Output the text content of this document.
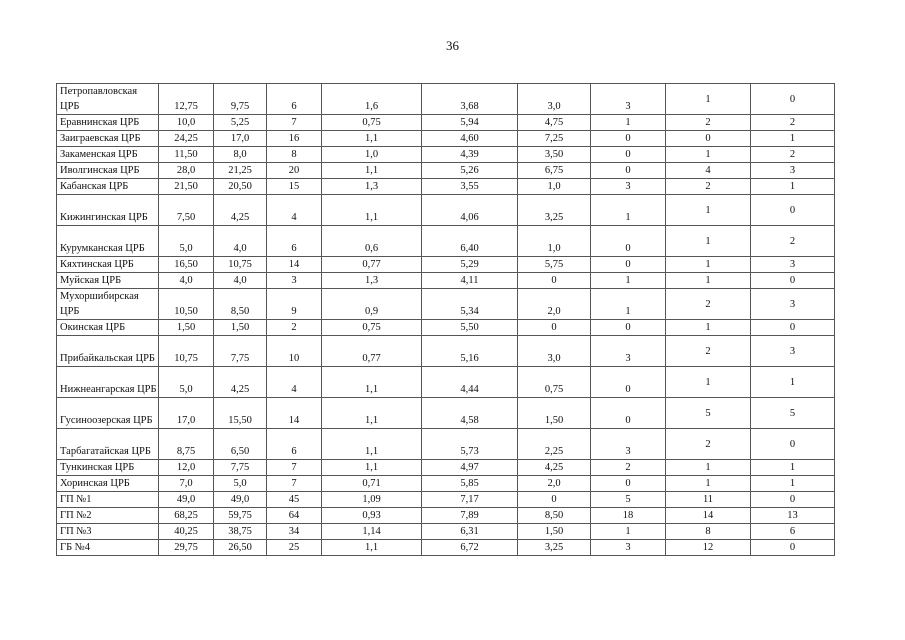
36
Петропавловская ЦРБ	12,75	9,75	6	1,6	3,68	3,0	3	1	0
Еравнинская ЦРБ	10,0	5,25	7	0,75	5,94	4,75	1	2	2
Заиграевская ЦРБ	24,25	17,0	16	1,1	4,60	7,25	0	0	1
Закаменская ЦРБ	11,50	8,0	8	1,0	4,39	3,50	0	1	2
Иволгинская ЦРБ	28,0	21,25	20	1,1	5,26	6,75	0	4	3
Кабанская ЦРБ	21,50	20,50	15	1,3	3,55	1,0	3	2	1
Кижингинская ЦРБ	7,50	4,25	4	1,1	4,06	3,25	1	1	0
Курумканская ЦРБ	5,0	4,0	6	0,6	6,40	1,0	0	1	2
Кяхтинская ЦРБ	16,50	10,75	14	0,77	5,29	5,75	0	1	3
Муйская ЦРБ	4,0	4,0	3	1,3	4,11	0	1	1	0
Мухоршибирская ЦРБ	10,50	8,50	9	0,9	5,34	2,0	1	2	3
Окинская ЦРБ	1,50	1,50	2	0,75	5,50	0	0	1	0
Прибайкальская ЦРБ	10,75	7,75	10	0,77	5,16	3,0	3	2	3
Нижнеангарская ЦРБ	5,0	4,25	4	1,1	4,44	0,75	0	1	1
Гусиноозерская ЦРБ	17,0	15,50	14	1,1	4,58	1,50	0	5	5
Тарбагатайская ЦРБ	8,75	6,50	6	1,1	5,73	2,25	3	2	0
Тункинская ЦРБ	12,0	7,75	7	1,1	4,97	4,25	2	1	1
Хоринская ЦРБ	7,0	5,0	7	0,71	5,85	2,0	0	1	1
ГП №1	49,0	49,0	45	1,09	7,17	0	5	11	0
ГП №2	68,25	59,75	64	0,93	7,89	8,50	18	14	13
ГП №3	40,25	38,75	34	1,14	6,31	1,50	1	8	6
ГБ №4	29,75	26,50	25	1,1	6,72	3,25	3	12	0
